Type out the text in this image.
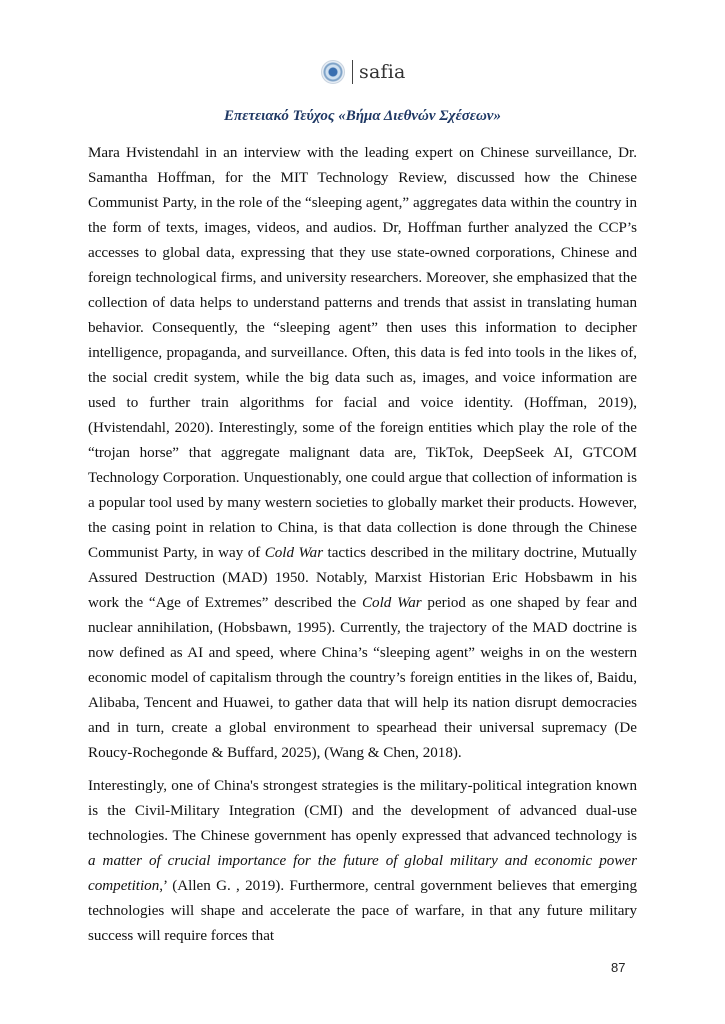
safia
Επετειακό Τεύχος «Βήμα Διεθνών Σχέσεων»

Mara Hvistendahl in an interview with the leading expert on Chinese surveillance, Dr. Samantha Hoffman, for the MIT Technology Review, discussed how the Chinese Communist Party, in the role of the “sleeping agent,” aggregates data within the country in the form of texts, images, videos, and audios. Dr, Hoffman further analyzed the CCP’s accesses to global data, expressing that they use state-owned corporations, Chinese and foreign technological firms, and university researchers. Moreover, she emphasized that the collection of data helps to understand patterns and trends that assist in translating human behavior. Consequently, the “sleeping agent” then uses this information to decipher intelligence, propaganda, and surveillance. Often, this data is fed into tools in the likes of, the social credit system, while the big data such as, images, and voice information are used to further train algorithms for facial and voice identity. (Hoffman, 2019), (Hvistendahl, 2020). Interestingly, some of the foreign entities which play the role of the “trojan horse” that aggregate malignant data are, TikTok, DeepSeek AI, GTCOM Technology Corporation. Unquestionably, one could argue that collection of information is a popular tool used by many western societies to globally market their products. However, the casing point in relation to China, is that data collection is done through the Chinese Communist Party, in way of Cold War tactics described in the military doctrine, Mutually Assured Destruction (MAD) 1950. Notably, Marxist Historian Eric Hobsbawm in his work the “Age of Extremes” described the Cold War period as one shaped by fear and nuclear annihilation, (Hobsbawn, 1995). Currently, the trajectory of the MAD doctrine is now defined as AI and speed, where China’s “sleeping agent” weighs in on the western economic model of capitalism through the country’s foreign entities in the likes of, Baidu, Alibaba, Tencent and Huawei, to gather data that will help its nation disrupt democracies and in turn, create a global environment to spearhead their universal supremacy (De Roucy-Rochegonde & Buffard, 2025), (Wang & Chen, 2018).

Interestingly, one of China's strongest strategies is the military-political integration known is the Civil-Military Integration (CMI) and the development of advanced dual-use technologies. The Chinese government has openly expressed that advanced technology is a matter of crucial importance for the future of global military and economic power competition,’ (Allen G. , 2019). Furthermore, central government believes that emerging technologies will shape and accelerate the pace of warfare, in that any future military success will require forces that

87
